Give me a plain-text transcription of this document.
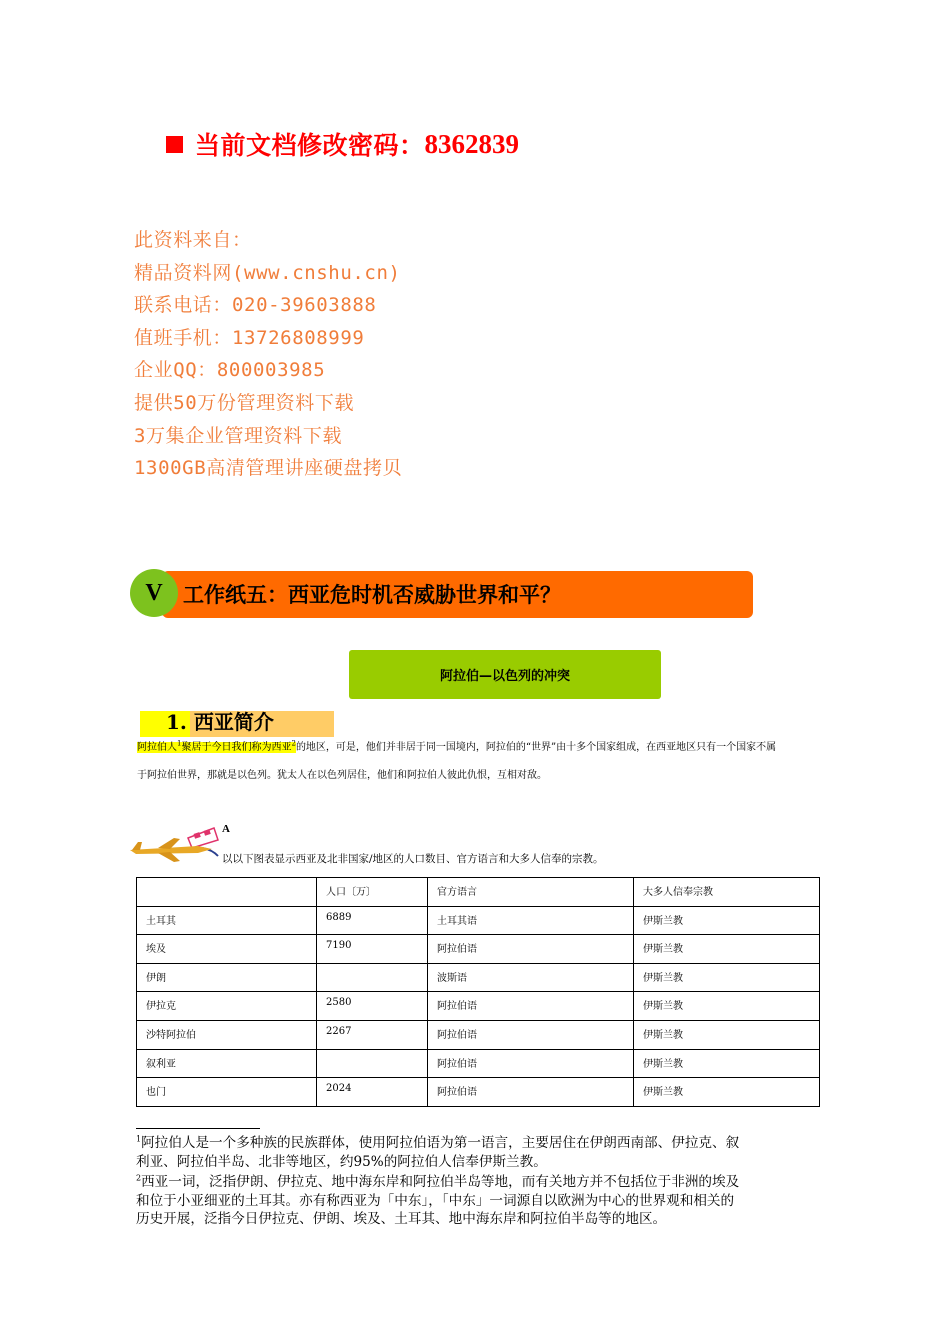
当前文档修改密码： 8362839
此资料来自：
精品资料网(www.cnshu.cn)
联系电话：020-39603888
值班手机：13726808999
企业QQ：800003985
提供50万份管理资料下载
3万集企业管理资料下载
1300GB高清管理讲座硬盘拷贝
V 工作纸五：西亚危时机否威胁世界和平？
阿拉伯—以色列的冲突
1. 西亚简介
阿拉伯人$^1$聚居于今日我们称为西亚$^2$的地区，可是，他们并非居于同一国境内，阿拉伯的“世界”由十多个国家组成，在西亚地区只有一个国家不属
于阿拉伯世界，那就是以色列。犹太人在以色列居住，他们和阿拉伯人彼此仇恨，互相对敌。
A
以以下图表显示西亚及北非国家/地区的人口数目、官方语言和大多人信奉的宗教。
	人口〔万〕	官方语言	大多人信奉宗教
土耳其	6889	土耳其语	伊斯兰教
埃及	7190	阿拉伯语	伊斯兰教
伊朗		波斯语	伊斯兰教
伊拉克	2580	阿拉伯语	伊斯兰教
沙特阿拉伯	2267	阿拉伯语	伊斯兰教
叙利亚		阿拉伯语	伊斯兰教
也门	2024	阿拉伯语	伊斯兰教
$^1$阿拉伯人是一个多种族的民族群体，使用阿拉伯语为第一语言，主要居住在伊朗西南部、伊拉克、叙
利亚、阿拉伯半岛、北非等地区，约95%的阿拉伯人信奉伊斯兰教。
$^2$西亚一词，泛指伊朗、伊拉克、地中海东岸和阿拉伯半岛等地，而有关地方并不包括位于非洲的埃及
和位于小亚细亚的土耳其。亦有称西亚为「中东」，「中东」一词源自以欧洲为中心的世界观和相关的
历史开展，泛指今日伊拉克、伊朗、埃及、土耳其、地中海东岸和阿拉伯半岛等的地区。
